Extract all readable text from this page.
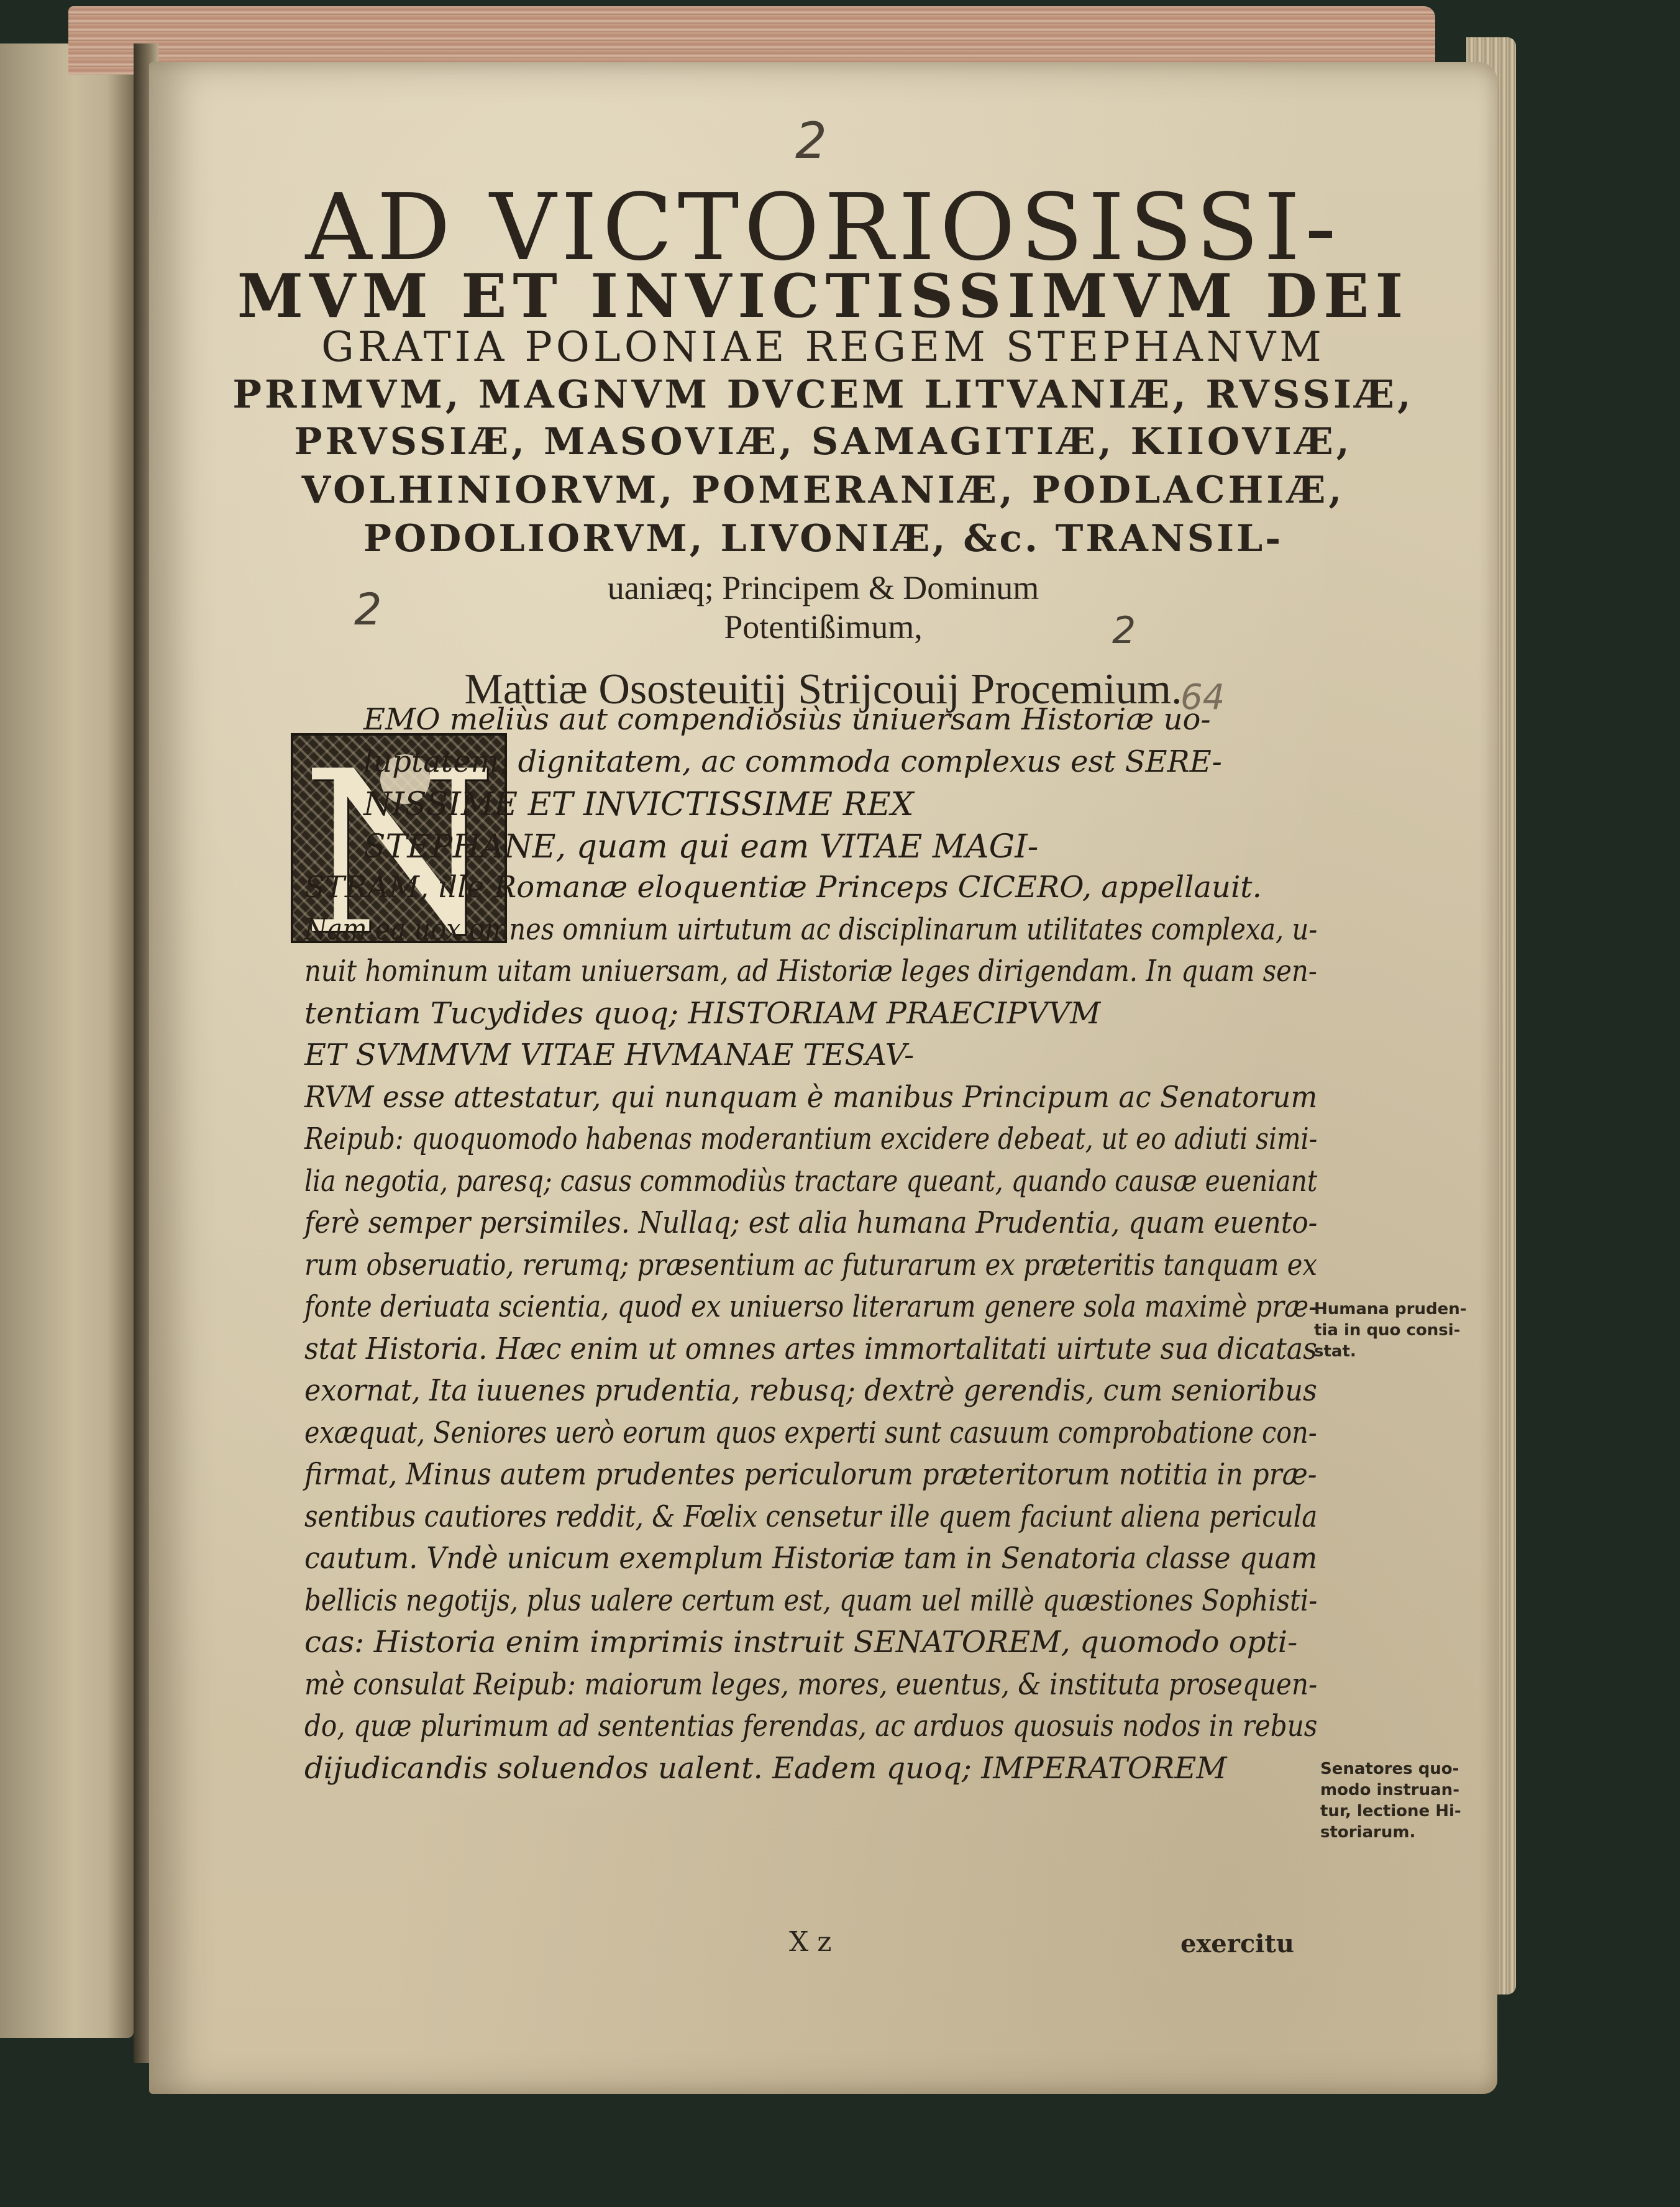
2
2	2
64
AD VICTORIOSISSI-
MVM ET INVICTISSIMVM DEI
GRATIA POLONIAE REGEM STEPHANVM
PRIMVM, MAGNVM DVCEM LITVANIÆ, RVSSIÆ,
PRVSSIÆ, MASOVIÆ, SAMAGITIÆ, KIIOVIÆ,
VOLHINIORVM, POMERANIÆ, PODLACHIÆ,
PODOLIORVM, LIVONIÆ, &c. TRANSIL-
uaniæq; Principem & Dominum
Potentißimum,
Mattiæ Ososteuitij Strijcouij Procemium.
N
EMO meliùs aut compendiosiùs uniuersam Historiæ uo-
luptatem, dignitatem, ac commoda complexus est SERE-
NISSIME ET INVICTISSIME REX
STEPHANE, quam qui eam VITAE MAGI-
STRAM, ille Romanæ eloquentiæ Princeps CICERO, appellauit.
Nam ea uox omnes omnium uirtutum ac disciplinarum utilitates complexa, u-
nuit hominum uitam uniuersam, ad Historiæ leges dirigendam. In quam sen-
tentiam Tucydides quoq; HISTORIAM PRAECIPVVM
ET SVMMVM VITAE HVMANAE TESAV-
RVM esse attestatur, qui nunquam è manibus Principum ac Senatorum
Reipub: quoquomodo habenas moderantium excidere debeat, ut eo adiuti simi-
lia negotia, paresq; casus commodiùs tractare queant, quando causæ eueniant
ferè semper persimiles. Nullaq; est alia humana Prudentia, quam euento-
rum obseruatio, rerumq; præsentium ac futurarum ex præteritis tanquam ex
fonte deriuata scientia, quod ex uniuerso literarum genere sola maximè præ-
stat Historia. Hæc enim ut omnes artes immortalitati uirtute sua dicatas
exornat, Ita iuuenes prudentia, rebusq; dextrè gerendis, cum senioribus
exæquat, Seniores uerò eorum quos experti sunt casuum comprobatione con-
firmat, Minus autem prudentes periculorum præteritorum notitia in præ-
sentibus cautiores reddit, & Fœlix censetur ille quem faciunt aliena pericula
cautum. Vndè unicum exemplum Historiæ tam in Senatoria classe quam
bellicis negotijs, plus ualere certum est, quam uel millè quæstiones Sophisti-
cas: Historia enim imprimis instruit SENATOREM, quomodo opti-
mè consulat Reipub: maiorum leges, mores, euentus, & instituta prosequen-
do, quæ plurimum ad sententias ferendas, ac arduos quosuis nodos in rebus
dijudicandis soluendos ualent. Eadem quoq; IMPERATOREM
Humana pruden-
tia in quo consi-
stat.
Senatores quo-
modo instruan-
tur, lectione Hi-
storiarum.
X z	exercitu
